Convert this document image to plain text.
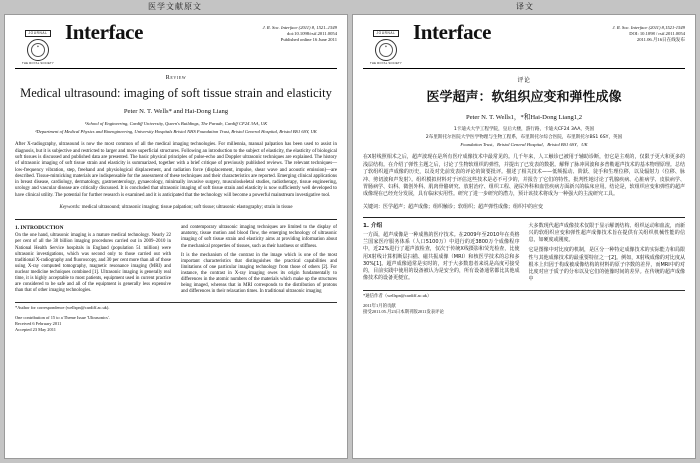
医学文献原文	译文
JOURNAL
◈
THE ROYAL SOCIETY
Interface	J. R. Soc. Interface (2011) 8, 1521–1549
doi:10.1098/rsif.2011.0054
Published online 16 June 2011
Review
Medical ultrasound: imaging of soft tissue strain and elasticity
Peter N. T. Wells* and Hai-Dong Liang
¹School of Engineering, Cardiff University, Queen's Buildings, The Parade, Cardiff CF24 3AA, UK
²Department of Medical Physics and Bioengineering, University Hospitals Bristol NHS Foundation Trust, Bristol General Hospital, Bristol BS1 6SY, UK
After X-radiography, ultrasound is now the most common of all the medical imaging technologies. For millennia, manual palpation has been used to assist in diagnosis, but it is subjective and restricted to larger and more superficial structures. Following an introduction to the subject of elasticity, the elasticity of biological soft tissues is discussed and published data are presented. The basic physical principles of pulse-echo and Doppler ultrasonic techniques are explained. The history of ultrasonic imaging of soft tissue strain and elasticity is summarized, together with a brief critique of previously published reviews. The relevant techniques—low-frequency vibration, step, freehand and physiological displacement, and radiation force (displacement, impulse, shear wave and acoustic emission)—are described. Tissue-mimicking materials are indispensable for the assessment of these techniques and their characteristics are reported. Emerging clinical applications in breast disease, cardiology, dermatology, gastroenterology, gynaecology, minimally invasive surgery, musculoskeletal studies, radiotherapy, tissue engineering, urology and vascular disease are critically discussed. It is concluded that ultrasonic imaging of soft tissue strain and elasticity is now sufficiently well developed to have clinical utility. The potential for further research is examined and it is anticipated that the technology will become a powerful mainstream investigative tool.
Keywords: medical ultrasound; ultrasonic imaging; tissue palpation; soft tissue; ultrasonic elastography; strain in tissue
1. INTRODUCTION

On the one hand, ultrasonic imaging is a mature medical technology. Nearly 22 per cent of all the 38 billion imaging procedures carried out in 2009–2010 in National Health Service hospitals in England (population 51 million) were ultrasonic investigations, which was second only to those carried out with traditional X-radiography and fluoroscopy, and 30 per cent more than all of those using X-ray computed tomography, magnetic resonance imaging (MRI) and nuclear medicine techniques combined [1]. Ultrasonic imaging is generally real time, it is highly acceptable to most patients, equipment used in current practice are considered to be safe and all of the equipment is generally less expensive than that of other imaging technologies.

and contemporary ultrasonic imaging techniques are limited to the display of anatomy, tissue motion and blood flow, the emerging technology of ultrasonic imaging of soft tissue strain and elasticity aims at providing information about the mechanical properties of tissues, such as their hardness or stiffness.

It is the mechanism of the contrast in the image which is one of the most important characteristics that distinguishes the practical capabilities and limitations of one particular imaging technology from those of others [2]. For instance, the contrast in X-ray imaging owes its origin fundamentally to differences in the atomic numbers of the materials which make up the structures being imaged, whereas that in MRI corresponds to the distribution of protons and differences in their relaxation times. In traditional ultrasonic imaging

*Author for correspondence (wellspn@cardiff.ac.uk).
One contribution of 15 to a Theme Issue 'Ultrasonics'.
Received 6 February 2011
Accepted 23 May 2011
JOURNAL
◈
THE ROYAL SOCIETY
Interface	J. R. Soc. Interface (2011) 8,1521-1549
DOI: 10.1098 / rsif.2011.0054
2011.06.月16日在线发布
评论
医学超声：软组织应变和弹性成像
Peter N. T. Wells1，*和Hai-Dong Liang1,2
1卡迪夫大学工程学院，皇后大楼，游行路，卡迪夫CF24 3AA，英国
2布里斯托尔医院大学医学物理与生物工程系，布里斯托尔综合医院，布里斯托尔BS1 6SY，英国
Foundation Trust，Bristol General Hospital，Bristol BS1 6SY，UK
在X射线照相术之后，超声波现在是所有医疗成像技术中最常见的。几千年来，人工触诊已被用于辅助诊断，但它是主观的，仅限于更大和更多的浅层结构。在介绍了弹性主题之后，讨论了生物软组织的弹性，并提出了已发表的数据。解释了脉冲回波和多普勒超声技术的基本物理原理。总结了软组织超声成像的历史，以及对先前发表的评论的简要批评。描述了相关技术——低频振动、阶跃、徒手和生理位移，以及辐射力（位移、脉冲、剪切波和声发射）。组织模拟材料对于评估这些技术是必不可少的，并报告了它们的特性。批判性地讨论了乳腺疾病、心脏病学、皮肤病学、胃肠病学、妇科、微创外科、肌肉骨骼研究、放射治疗、组织工程、泌尿外科和血管疾病方面新兴的临床应用。结论是，软组织应变和弹性的超声成像现在已经充分发展，具有临床实用性。研究了进一步研究的潜力，预计该技术将成为一种强大的主流研究工具。
关键词：医学超声；超声成像；组织触诊；软组织；超声弹性成像；组织中的应变
1. 介绍

一方面，超声成像是一种成熟的医疗技术。在2009年至2010年在英格兰国家医疗服务体系（人口5100万）中进行的近3800万个成像程序中，近22%进行了超声波检查，仅次于传统X线摄影和荧光检查，比使用X射线计算机断层扫描、磁共振成像（MRI）和核医学技术的总和多30%[1]。超声成像通常是实时的，对于大多数患者来说是高度可接受的，目前实践中使用的设备被认为是安全的，所有设备通常都比其他成像技术的设备更便宜。

大多数现代超声成像技术仅限于显示解剖结构、组织运动和血流，而新兴的软组织应变和弹性超声成像技术旨在提供有关组织机械性能的信息，如硬度或刚度。

它是图像中对比度的机制，是区分一种特定成像技术的实际能力和局限性与其他成像技术的最重要特征之一[2]。例如，X射线成像的对比度从根本上归因于构成被成像结构的材料的原子序数的差异，而MRI中的对比度对应于质子的分布以及它们的弛豫时间的差异。在传统的超声成像中

*通信作者（wellspn@cardiff.ac.uk）
2011年1月的贡献
接受2011.05.月23日本期刊版2011发表评论
